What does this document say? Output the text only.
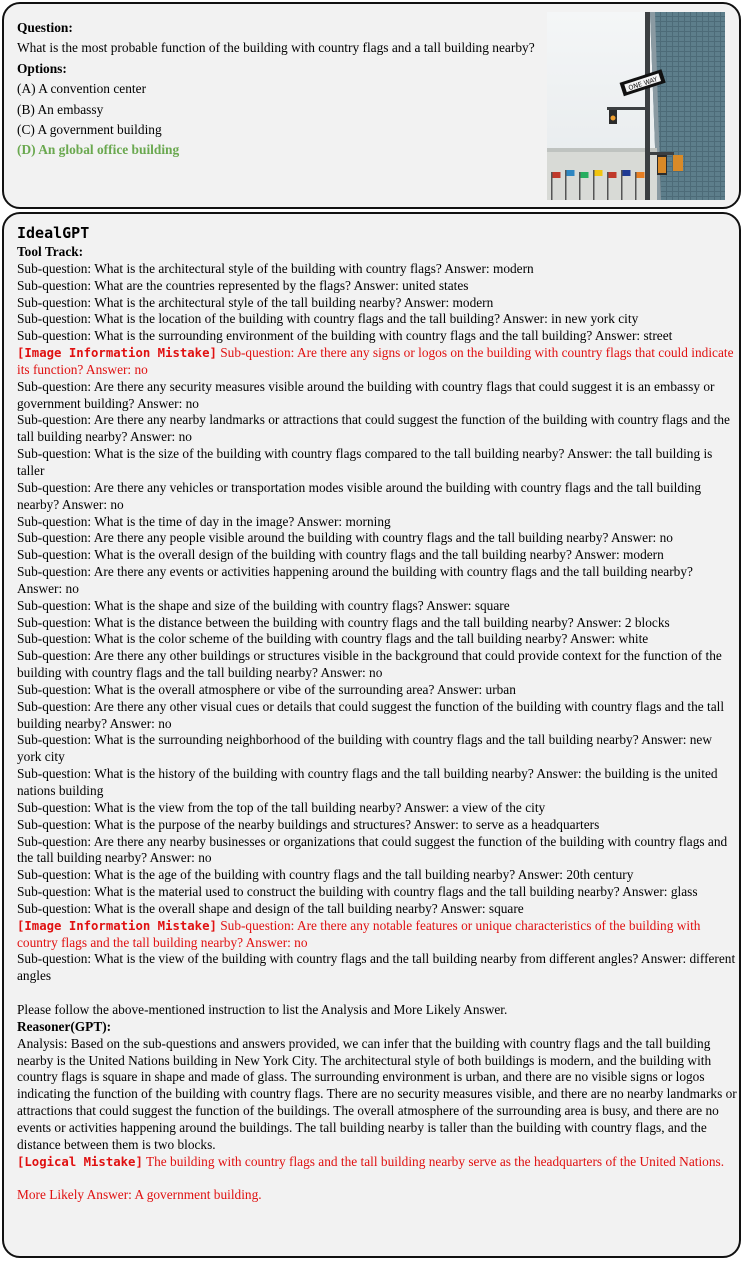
Question:
What is the most probable function of the building with country flags and a tall building nearby?
Options:
(A) A convention center
(B) An embassy
(C) A government building
(D) An global office building
ONE WAY
IdealGPT
Tool Track:
Sub-question: What is the architectural style of the building with country flags? Answer: modern
Sub-question: What are the countries represented by the flags? Answer: united states
Sub-question: What is the architectural style of the tall building nearby? Answer: modern
Sub-question: What is the location of the building with country flags and the tall building? Answer: in new york city
Sub-question: What is the surrounding environment of the building with country flags and the tall building? Answer: street
[Image Information Mistake] Sub-question: Are there any signs or logos on the building with country flags that could indicate its function? Answer: no
Sub-question: Are there any security measures visible around the building with country flags that could suggest it is an embassy or government building? Answer: no
Sub-question: Are there any nearby landmarks or attractions that could suggest the function of the building with country flags and the tall building nearby? Answer: no
Sub-question: What is the size of the building with country flags compared to the tall building nearby? Answer: the tall building is taller
Sub-question: Are there any vehicles or transportation modes visible around the building with country flags and the tall building nearby? Answer: no
Sub-question: What is the time of day in the image? Answer: morning
Sub-question: Are there any people visible around the building with country flags and the tall building nearby? Answer: no
Sub-question: What is the overall design of the building with country flags and the tall building nearby? Answer: modern
Sub-question: Are there any events or activities happening around the building with country flags and the tall building nearby? Answer: no
Sub-question: What is the shape and size of the building with country flags? Answer: square
Sub-question: What is the distance between the building with country flags and the tall building nearby? Answer: 2 blocks
Sub-question: What is the color scheme of the building with country flags and the tall building nearby? Answer: white
Sub-question: Are there any other buildings or structures visible in the background that could provide context for the function of the building with country flags and the tall building nearby? Answer: no
Sub-question: What is the overall atmosphere or vibe of the surrounding area? Answer: urban
Sub-question: Are there any other visual cues or details that could suggest the function of the building with country flags and the tall building nearby? Answer: no
Sub-question: What is the surrounding neighborhood of the building with country flags and the tall building nearby? Answer: new york city
Sub-question: What is the history of the building with country flags and the tall building nearby? Answer: the building is the united nations building
Sub-question: What is the view from the top of the tall building nearby? Answer: a view of the city
Sub-question: What is the purpose of the nearby buildings and structures? Answer: to serve as a headquarters
Sub-question: Are there any nearby businesses or organizations that could suggest the function of the building with country flags and the tall building nearby? Answer: no
Sub-question: What is the age of the building with country flags and the tall building nearby? Answer: 20th century
Sub-question: What is the material used to construct the building with country flags and the tall building nearby? Answer: glass
Sub-question: What is the overall shape and design of the tall building nearby? Answer: square
[Image Information Mistake] Sub-question: Are there any notable features or unique characteristics of the building with country flags and the tall building nearby? Answer: no
Sub-question: What is the view of the building with country flags and the tall building nearby from different angles? Answer: different angles
Please follow the above-mentioned instruction to list the Analysis and More Likely Answer.
Reasoner(GPT):
Analysis: Based on the sub-questions and answers provided, we can infer that the building with country flags and the tall building nearby is the United Nations building in New York City. The architectural style of both buildings is modern, and the building with country flags is square in shape and made of glass. The surrounding environment is urban, and there are no visible signs or logos indicating the function of the building with country flags. There are no security measures visible, and there are no nearby landmarks or attractions that could suggest the function of the buildings. The overall atmosphere of the surrounding area is busy, and there are no events or activities happening around the buildings. The tall building nearby is taller than the building with country flags, and the distance between them is two blocks.
[Logical Mistake] The building with country flags and the tall building nearby serve as the headquarters of the United Nations.
More Likely Answer: A government building.
